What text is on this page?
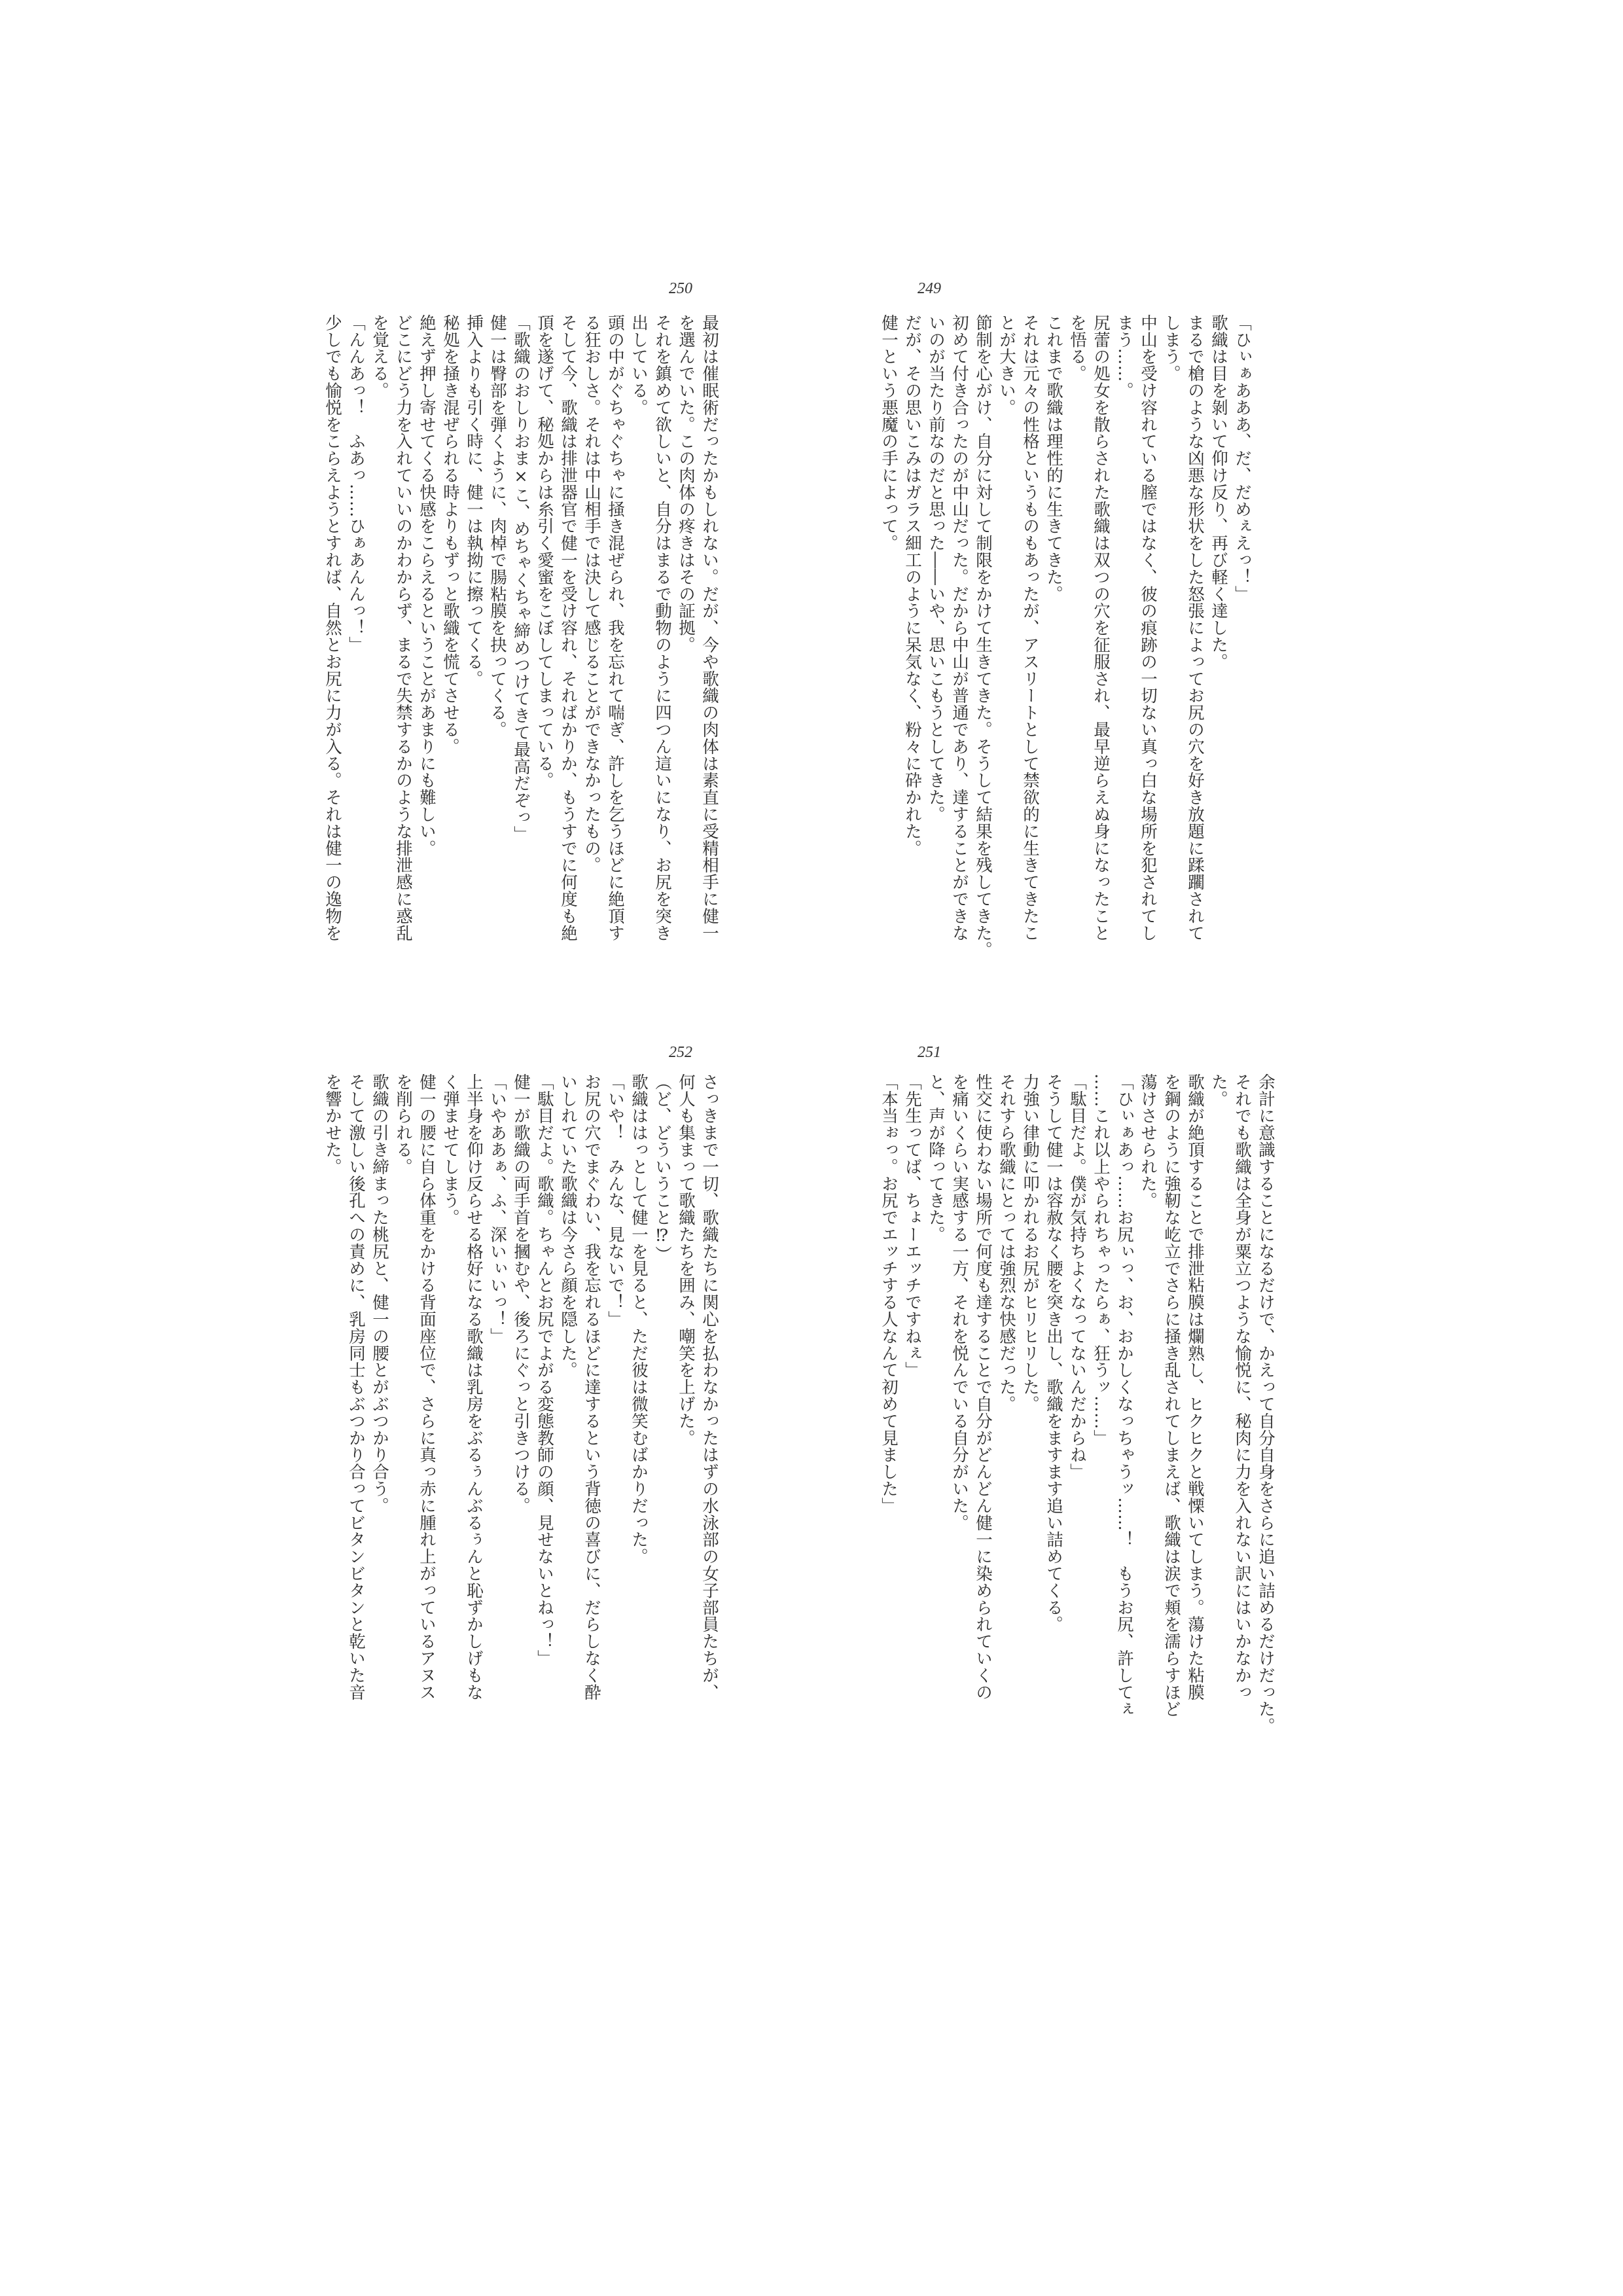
250
最初は催眠術だったかもしれない。だが、今や歌織の肉体は素直に受精相手に健一
を選んでいた。この肉体の疼きはその証拠。
それを鎮めて欲しいと、自分はまるで動物のように四つん這いになり、お尻を突き
出している。
頭の中がぐちゃぐちゃに掻き混ぜられ、我を忘れて喘ぎ、許しを乞うほどに絶頂す
る狂おしさ。それは中山相手では決して感じることができなかったもの。
そして今、歌織は排泄器官で健一を受け容れ、そればかりか、もうすでに何度も絶
頂を遂げて、秘処からは糸引く愛蜜をこぼしてしまっている。
「歌織のおしりおま×こ、めちゃくちゃ締めつけてきて最高だぞっ」
健一は臀部を弾くように、肉棹で腸粘膜を抉ってくる。
挿入よりも引く時に、健一は執拗に擦ってくる。
秘処を掻き混ぜられる時よりもずっと歌織を慌てさせる。
絶えず押し寄せてくる快感をこらえるということがあまりにも難しい。
どこにどう力を入れていいのかわからず、まるで失禁するかのような排泄感に惑乱
を覚える。
「んんあっ！　ふあっ……ひぁあんんっ！」
少しでも愉悦をこらえようとすれば、自然とお尻に力が入る。それは健一の逸物を
249
「ひぃぁあああ、だ、だめぇえっ！」
歌織は目を剝いて仰け反り、再び軽く達した。
まるで槍のような凶悪な形状をした怒張によってお尻の穴を好き放題に蹂躙されて
しまう。
中山を受け容れている膣ではなく、彼の痕跡の一切ない真っ白な場所を犯されてし
まう……。
尻蕾の処女を散らされた歌織は双つの穴を征服され、最早逆らえぬ身になったこと
を悟る。
これまで歌織は理性的に生きてきた。
それは元々の性格というものもあったが、アスリートとして禁欲的に生きてきたこ
とが大きい。
節制を心がけ、自分に対して制限をかけて生きてきた。そうして結果を残してきた。
初めて付き合ったのが中山だった。だから中山が普通であり、達することができな
いのが当たり前なのだと思った――いや、思いこもうとしてきた。
だが、その思いこみはガラス細工のように呆気なく、粉々に砕かれた。
健一という悪魔の手によって。
252
さっきまで一切、歌織たちに関心を払わなかったはずの水泳部の女子部員たちが、
何人も集まって歌織たちを囲み、嘲笑を上げた。
（ど、どういうこと⁉）
歌織ははっとして健一を見ると、ただ彼は微笑むばかりだった。
「いや！　みんな、見ないで！」
お尻の穴でまぐわい、我を忘れるほどに達するという背徳の喜びに、だらしなく酔
いしれていた歌織は今さら顔を隠した。
「駄目だよ。歌織。ちゃんとお尻でよがる変態教師の顔、見せないとねっ！」
健一が歌織の両手首を摑むや、後ろにぐっと引きつける。
「いやああぁ、ふ、深いぃいっ！」
上半身を仰け反らせる格好になる歌織は乳房をぶるぅんぶるぅんと恥ずかしげもな
く弾ませてしまう。
健一の腰に自ら体重をかける背面座位で、さらに真っ赤に腫れ上がっているアヌス
を削られる。
歌織の引き締まった桃尻と、健一の腰とがぶつかり合う。
そして激しい後孔への責めに、乳房同士もぶつかり合ってビタンビタンと乾いた音
を響かせた。
251
余計に意識することになるだけで、かえって自分自身をさらに追い詰めるだけだった。
それでも歌織は全身が粟立つような愉悦に、秘肉に力を入れない訳にはいかなかっ
た。
歌織が絶頂することで排泄粘膜は爛熟し、ヒクヒクと戦慄いてしまう。蕩けた粘膜
を鋼のように強靭な屹立でさらに掻き乱されてしまえば、歌織は涙で頬を濡らすほど
蕩けさせられた。
「ひぃぁあっ……お尻ぃっ、お、おかしくなっちゃうッ……！　もうお尻、許してぇ
……これ以上やられちゃったらぁ、狂うッ……」
「駄目だよ。僕が気持ちよくなってないんだからね」
そうして健一は容赦なく腰を突き出し、歌織をますます追い詰めてくる。
力強い律動に叩かれるお尻がヒリヒリした。
それすら歌織にとっては強烈な快感だった。
性交に使わない場所で何度も達することで自分がどんどん健一に染められていくの
を痛いくらい実感する一方、それを悦んでいる自分がいた。
と、声が降ってきた。
「先生ってば、ちょーエッチですねぇ」
「本当ぉっ。お尻でエッチする人なんて初めて見ました」
